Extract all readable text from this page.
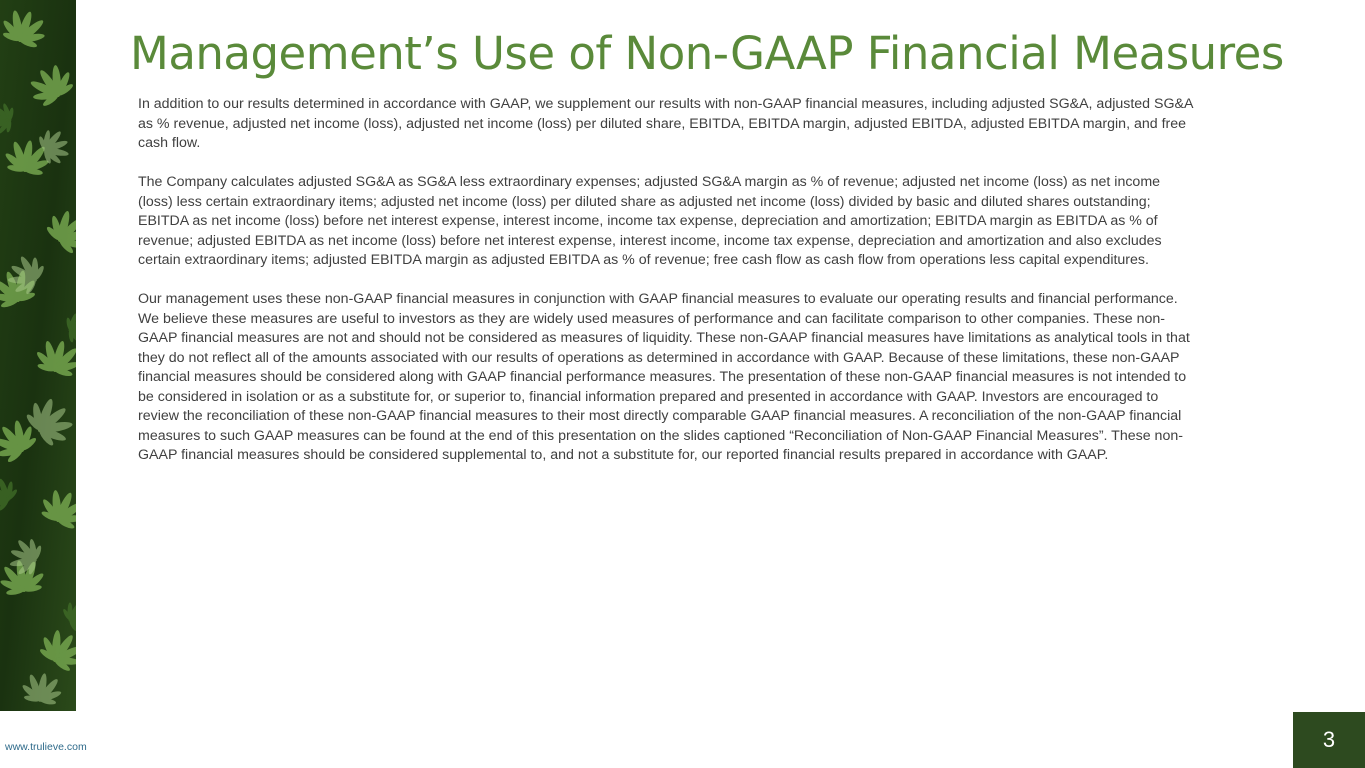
Management’s Use of Non-GAAP Financial Measures

In addition to our results determined in accordance with GAAP, we supplement our results with non-GAAP financial measures, including adjusted SG&A, adjusted SG&A as % revenue, adjusted net income (loss), adjusted net income (loss) per diluted share, EBITDA, EBITDA margin, adjusted EBITDA, adjusted EBITDA margin, and free cash flow.

The Company calculates adjusted SG&A as SG&A less extraordinary expenses; adjusted SG&A margin as % of revenue; adjusted net income (loss) as net income (loss) less certain extraordinary items; adjusted net income (loss) per diluted share as adjusted net income (loss) divided by basic and diluted shares outstanding; EBITDA as net income (loss) before net interest expense, interest income, income tax expense, depreciation and amortization; EBITDA margin as EBITDA as % of revenue; adjusted EBITDA as net income (loss) before net interest expense, interest income, income tax expense, depreciation and amortization and also excludes certain extraordinary items; adjusted EBITDA margin as adjusted EBITDA as % of revenue; free cash flow as cash flow from operations less capital expenditures.

Our management uses these non-GAAP financial measures in conjunction with GAAP financial measures to evaluate our operating results and financial performance. We believe these measures are useful to investors as they are widely used measures of performance and can facilitate comparison to other companies. These non-GAAP financial measures are not and should not be considered as measures of liquidity. These non-GAAP financial measures have limitations as analytical tools in that they do not reflect all of the amounts associated with our results of operations as determined in accordance with GAAP. Because of these limitations, these non-GAAP financial measures should be considered along with GAAP financial performance measures. The presentation of these non-GAAP financial measures is not intended to be considered in isolation or as a substitute for, or superior to, financial information prepared and presented in accordance with GAAP. Investors are encouraged to review the reconciliation of these non-GAAP financial measures to their most directly comparable GAAP financial measures. A reconciliation of the non-GAAP financial measures to such GAAP measures can be found at the end of this presentation on the slides captioned “Reconciliation of Non-GAAP Financial Measures”. These non-GAAP financial measures should be considered supplemental to, and not a substitute for, our reported financial results prepared in accordance with GAAP.

www.trulieve.com	3
